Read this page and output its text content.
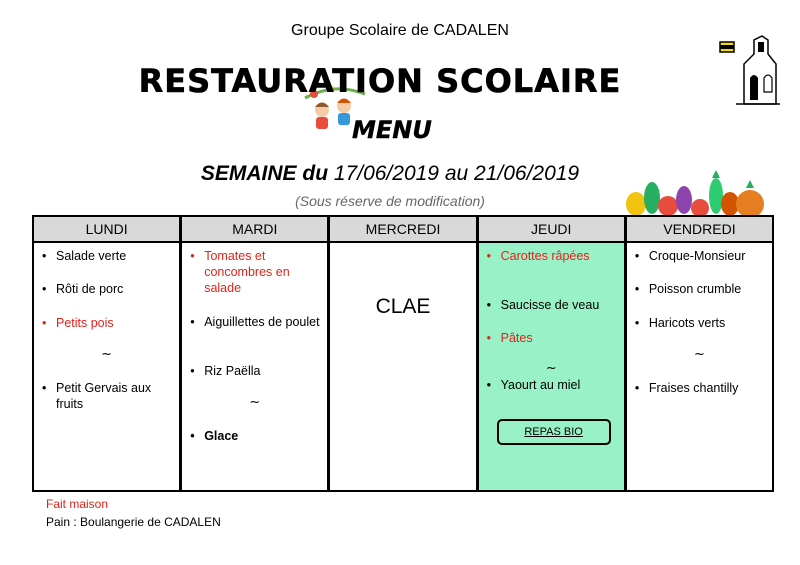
Groupe Scolaire de CADALEN
RESTAURATION SCOLAIRE
MENU
SEMAINE du 17/06/2019 au 21/06/2019
(Sous réserve de modification)
LUNDI
• Salade verte
• Rôti de porc
• Petits pois
~
• Petit Gervais aux fruits
MARDI
• Tomates et concombres en salade
• Aiguillettes de poulet
• Riz Paëlla
~
• Glace
MERCREDI
CLAE
JEUDI
• Carottes râpées
• Saucisse de veau
• Pâtes
~
• Yaourt au miel
REPAS BIO
VENDREDI
• Croque-Monsieur
• Poisson crumble
• Haricots verts
~
• Fraises chantilly
Fait maison
Pain : Boulangerie de CADALEN
